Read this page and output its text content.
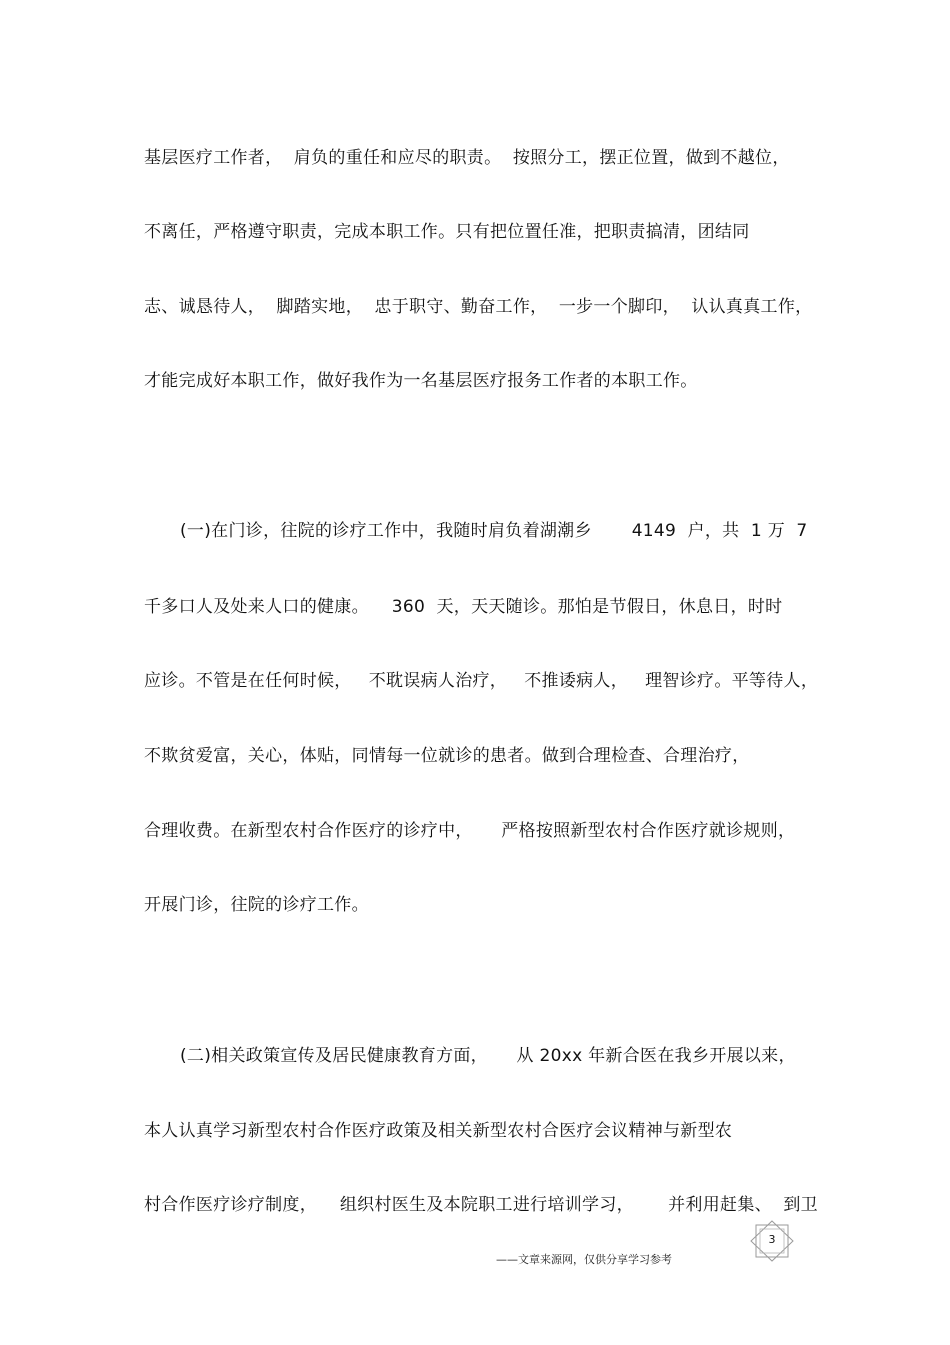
基层医疗工作者，  肩负的重任和应尽的职责。  按照分工，摆正位置，做到不越位，
不离任，严格遵守职责，完成本职工作。只有把位置任准，把职责搞清，团结同
志、诚恳待人，  脚踏实地，  忠于职守、勤奋工作，  一步一个脚印，  认认真真工作，
才能完成好本职工作，做好我作为一名基层医疗报务工作者的本职工作。
(一)在门诊，往院的诊疗工作中，我随时肩负着湖潮乡       4149  户，共  1 万  7
千多口人及处来人口的健康。    360  天，天天随诊。那怕是节假日，休息日，时时
应诊。不管是在任何时候，   不耽误病人治疗，   不推诿病人，   理智诊疗。平等待人，
不欺贫爱富，关心，体贴，同情每一位就诊的患者。做到合理检查、合理治疗，
合理收费。在新型农村合作医疗的诊疗中，     严格按照新型农村合作医疗就诊规则，
开展门诊，往院的诊疗工作。
(二)相关政策宣传及居民健康教育方面，     从 20xx 年新合医在我乡开展以来，
本人认真学习新型农村合作医疗政策及相关新型农村合医疗会议精神与新型农
村合作医疗诊疗制度，    组织村医生及本院职工进行培训学习，      并利用赶集、  到卫
3
——文章来源网，仅供分享学习参考
